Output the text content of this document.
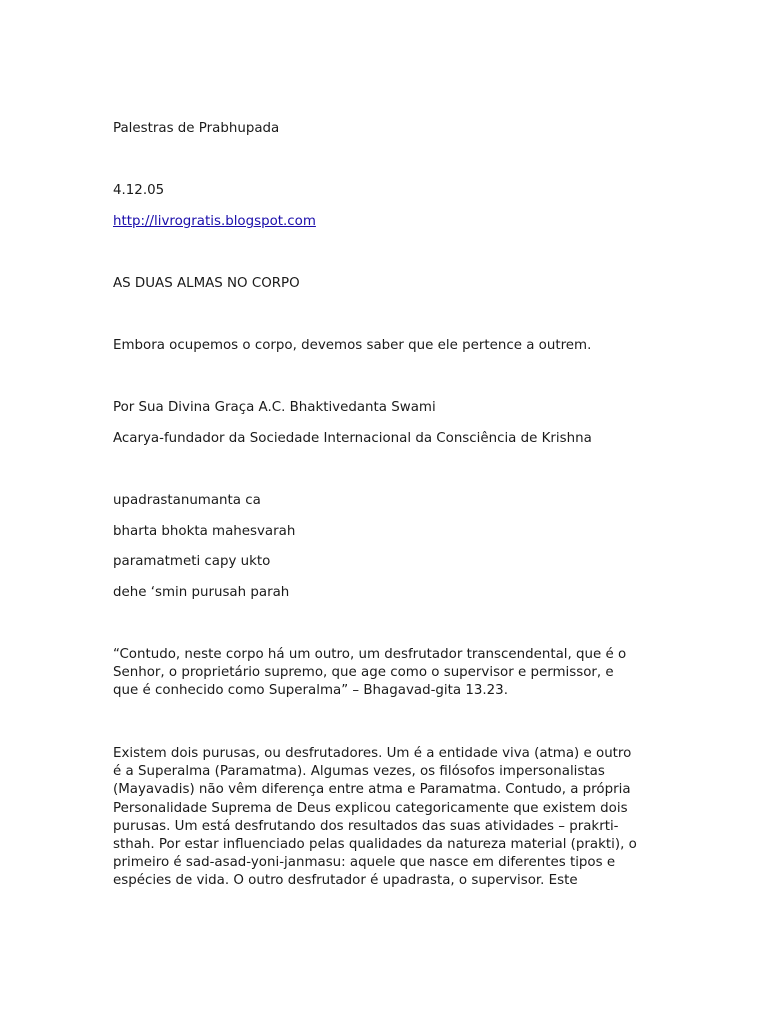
Palestras de Prabhupada

4.12.05

http://livrogratis.blogspot.com

AS DUAS ALMAS NO CORPO

Embora ocupemos o corpo, devemos saber que ele pertence a outrem.

Por Sua Divina Graça A.C. Bhaktivedanta Swami

Acarya-fundador da Sociedade Internacional da Consciência de Krishna

upadrastanumanta ca

bharta bhokta mahesvarah

paramatmeti capy ukto

dehe ‘smin purusah parah

“Contudo, neste corpo há um outro, um desfrutador transcendental, que é o
Senhor, o proprietário supremo, que age como o supervisor e permissor, e
que é conhecido como Superalma” – Bhagavad-gita 13.23.
Existem dois purusas, ou desfrutadores. Um é a entidade viva (atma) e outro
é a Superalma (Paramatma). Algumas vezes, os filósofos impersonalistas
(Mayavadis) não vêm diferença entre atma e Paramatma. Contudo, a própria
Personalidade Suprema de Deus explicou categoricamente que existem dois
purusas. Um está desfrutando dos resultados das suas atividades – prakrti-
sthah. Por estar influenciado pelas qualidades da natureza material (prakti), o
primeiro é sad-asad-yoni-janmasu: aquele que nasce em diferentes tipos e
espécies de vida. O outro desfrutador é upadrasta, o supervisor. Este
